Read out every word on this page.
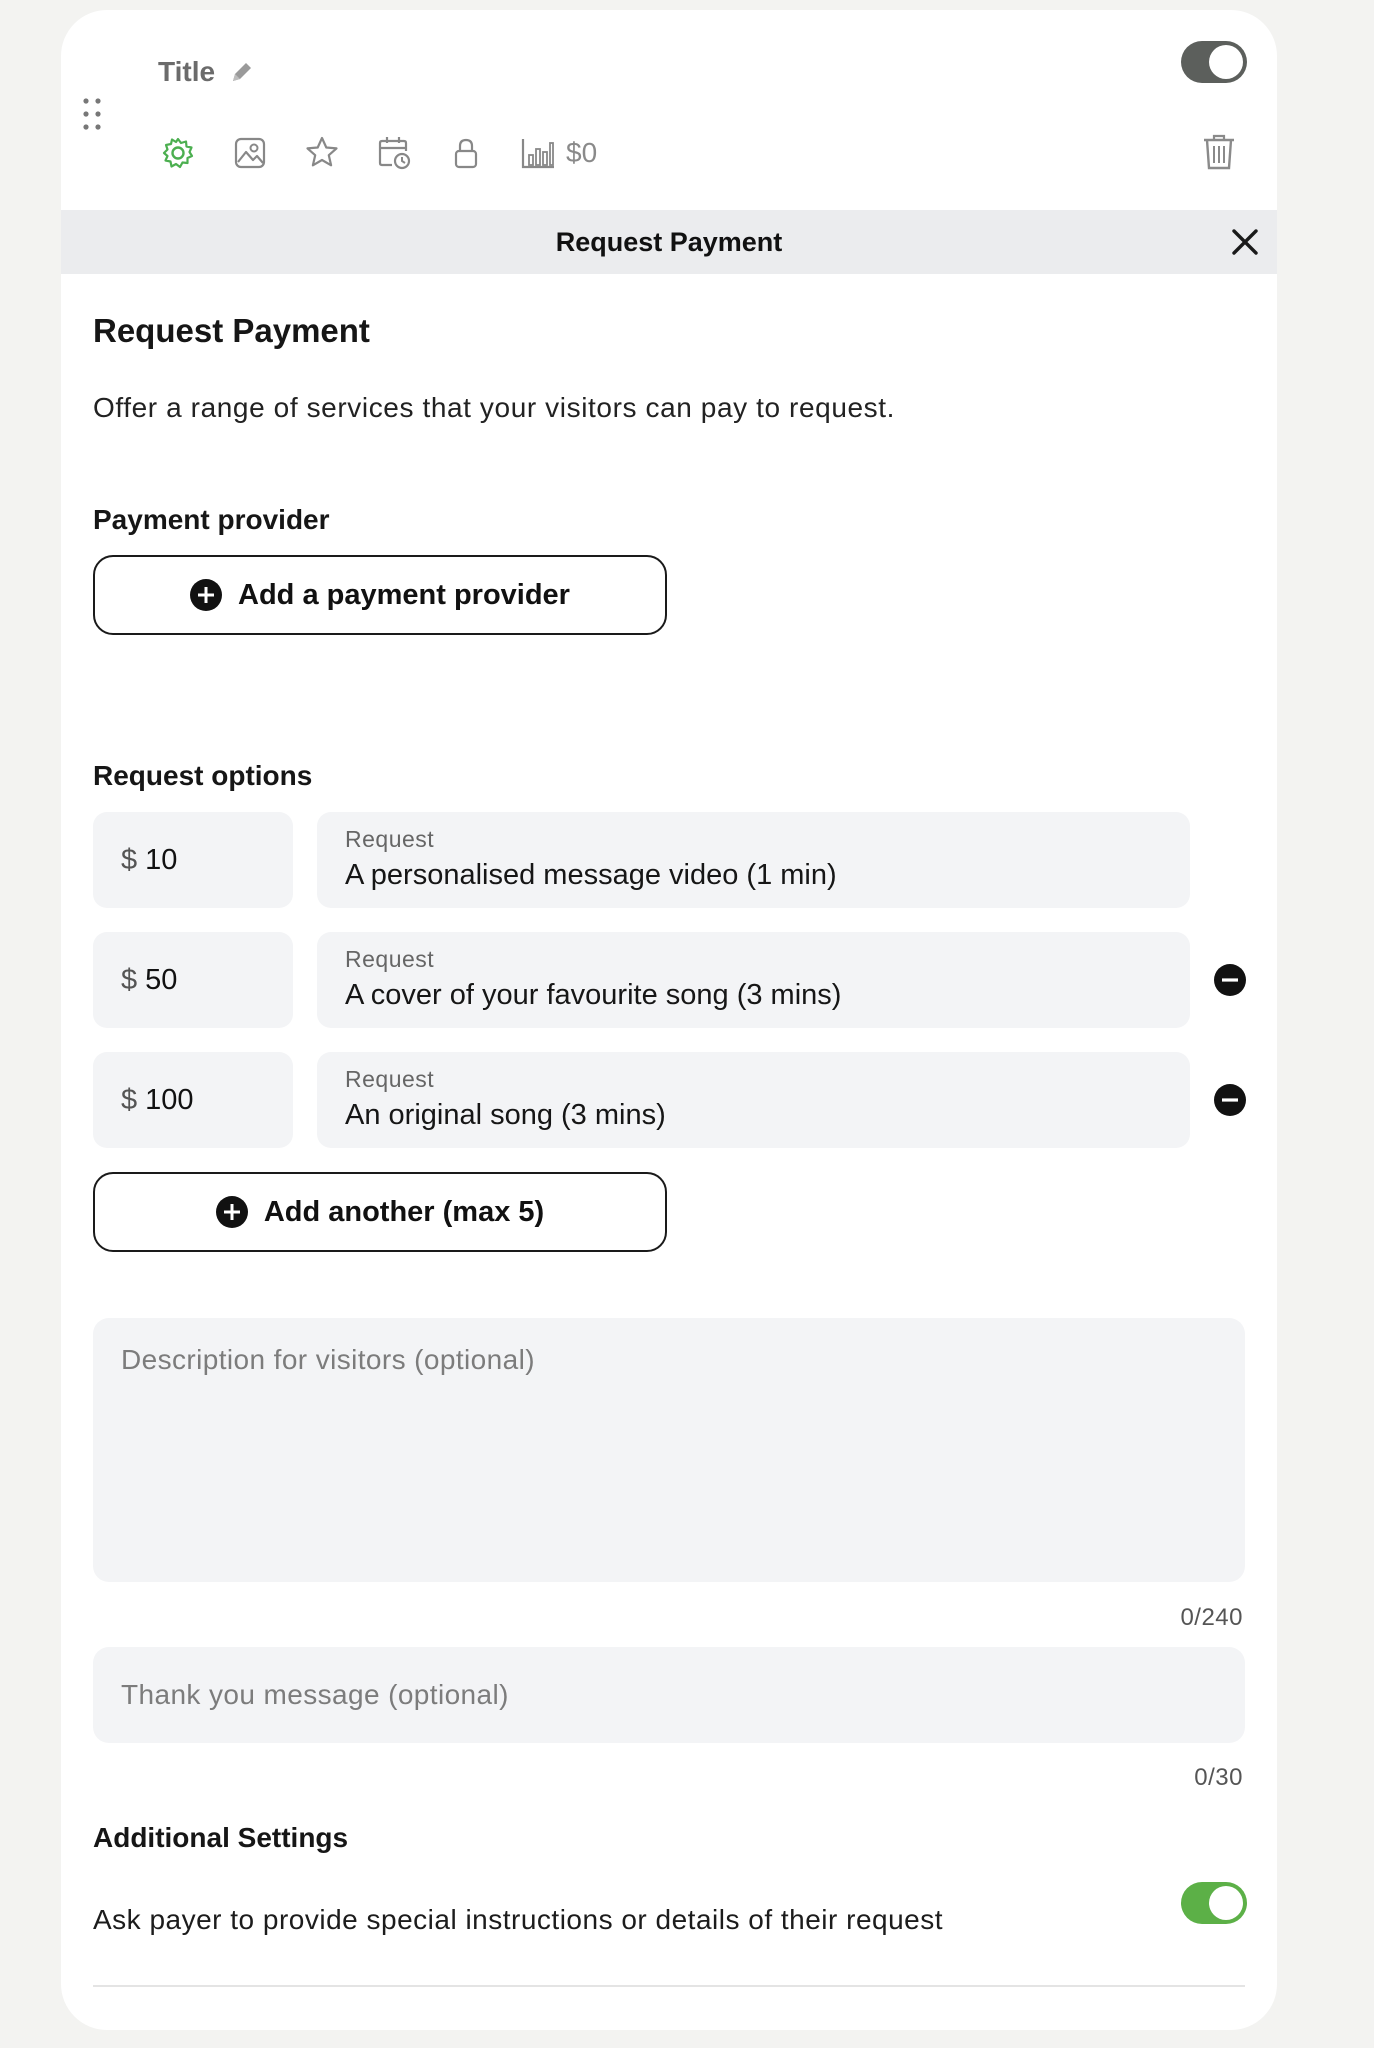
Title
$0
Request Payment
Request Payment
Offer a range of services that your visitors can pay to request.
Payment provider
Add a payment provider
Request options
$ 10
Request
A personalised message video (1 min)
$ 50
Request
A cover of your favourite song (3 mins)
$ 100
Request
An original song (3 mins)
Add another (max 5)
Description for visitors (optional)
0/240
Thank you message (optional)
0/30
Additional Settings
Ask payer to provide special instructions or details of their request
